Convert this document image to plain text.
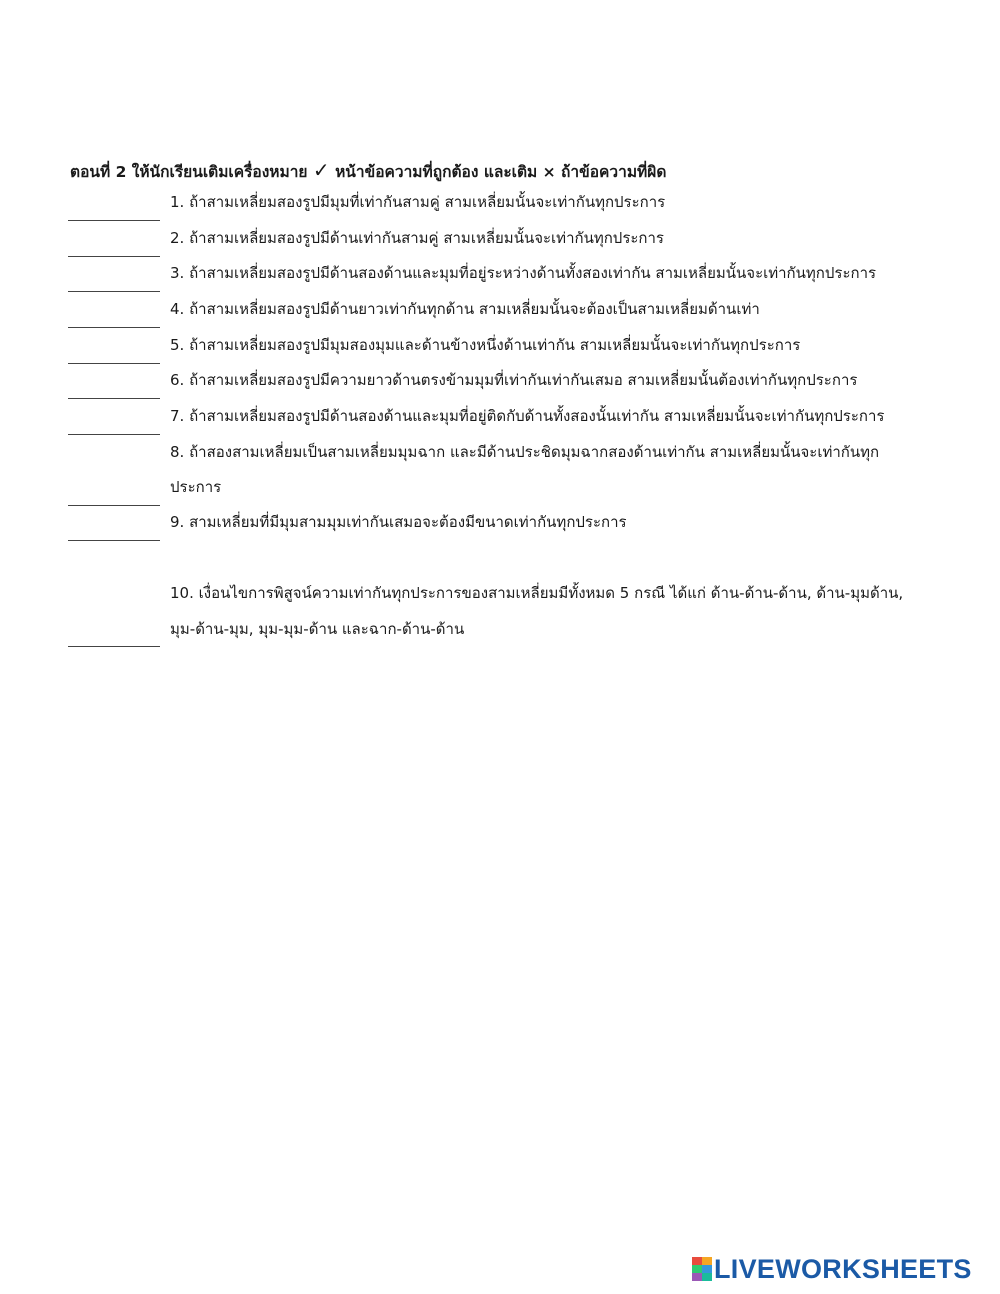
ตอนที่ 2 ให้นักเรียนเติมเครื่องหมาย ✓ หน้าข้อความที่ถูกต้อง และเติม × ถ้าข้อความที่ผิด
1. ถ้าสามเหลี่ยมสองรูปมีมุมที่เท่ากันสามคู่ สามเหลี่ยมนั้นจะเท่ากันทุกประการ
2. ถ้าสามเหลี่ยมสองรูปมีด้านเท่ากันสามคู่ สามเหลี่ยมนั้นจะเท่ากันทุกประการ
3. ถ้าสามเหลี่ยมสองรูปมีด้านสองด้านและมุมที่อยู่ระหว่างด้านทั้งสองเท่ากัน สามเหลี่ยมนั้นจะเท่ากันทุกประการ
4. ถ้าสามเหลี่ยมสองรูปมีด้านยาวเท่ากันทุกด้าน สามเหลี่ยมนั้นจะต้องเป็นสามเหลี่ยมด้านเท่า
5. ถ้าสามเหลี่ยมสองรูปมีมุมสองมุมและด้านข้างหนึ่งด้านเท่ากัน สามเหลี่ยมนั้นจะเท่ากันทุกประการ
6. ถ้าสามเหลี่ยมสองรูปมีความยาวด้านตรงข้ามมุมที่เท่ากันเท่ากันเสมอ สามเหลี่ยมนั้นต้องเท่ากันทุกประการ
7. ถ้าสามเหลี่ยมสองรูปมีด้านสองด้านและมุมที่อยู่ติดกับด้านทั้งสองนั้นเท่ากัน สามเหลี่ยมนั้นจะเท่ากันทุกประการ
8. ถ้าสองสามเหลี่ยมเป็นสามเหลี่ยมมุมฉาก และมีด้านประชิดมุมฉากสองด้านเท่ากัน สามเหลี่ยมนั้นจะเท่ากันทุก
ประการ
9. สามเหลี่ยมที่มีมุมสามมุมเท่ากันเสมอจะต้องมีขนาดเท่ากันทุกประการ
10. เงื่อนไขการพิสูจน์ความเท่ากันทุกประการของสามเหลี่ยมมีทั้งหมด 5 กรณี ได้แก่ ด้าน-ด้าน-ด้าน, ด้าน-มุมด้าน,
มุม-ด้าน-มุม, มุม-มุม-ด้าน และฉาก-ด้าน-ด้าน
LIVEWORKSHEETS
